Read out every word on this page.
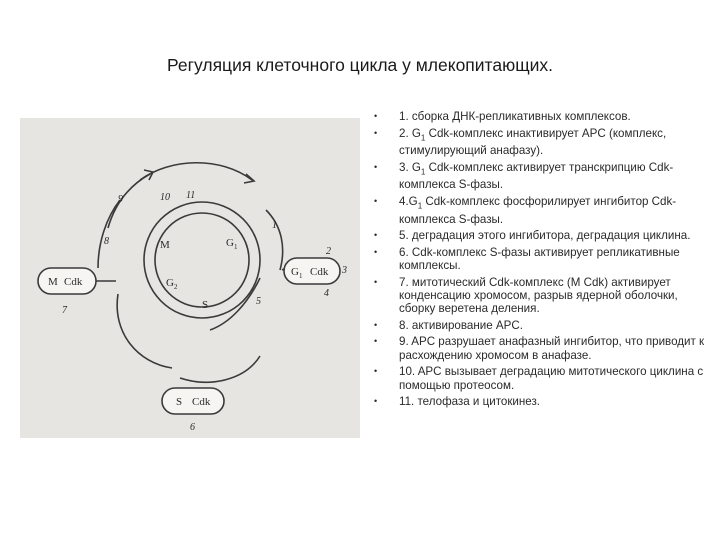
Регуляция клеточного цикла у млекопитающих.
M Cdk
G 1 Cdk
S Cdk
M	G 1
G 2
S
1
2
3
4
5
6
7
8
9	10 11
• 1. сборка ДНК-репликативных комплексов.
• 2. $G_1$ Cdk-комплекс инактивирует APC (комплекс, стимулирующий анафазу).
• 3. $G_1$ Cdk-комплекс активирует транскрипцию Cdk-комплекса S-фазы.
• $4.G_1$ Cdk-комплекс фосфорилирует ингибитор Cdk-комплекса S-фазы.
• 5. деградация этого ингибитора, деградация циклина.
• 6. Cdk-комплекс S-фазы активирует репликативные комплексы.
• 7. митотический Cdk-комплекс (M Cdk) активирует конденсацию хромосом, разрыв ядерной оболочки, сборку веретена деления.
• 8. активирование APC.
• 9. APC разрушает анафазный ингибитор, что приводит к расхождению хромосом в анафазе.
• 10. APC вызывает деградацию митотического циклина с помощью протеосом.
• 11. телофаза и цитокинез.
